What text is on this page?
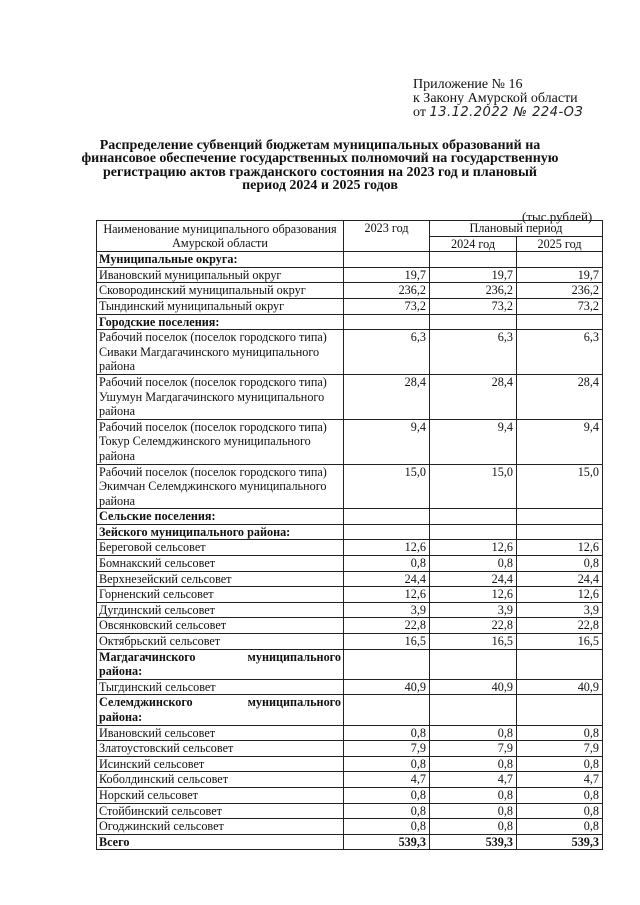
Приложение № 16
к Закону Амурской области
от 13.12.2022 № 224-ОЗ
Распределение субвенций бюджетам муниципальных образований на финансовое обеспечение государственных полномочий на государственную регистрацию актов гражданского состояния на 2023 год и плановый период 2024 и 2025 годов
(тыс.рублей)
Наименование муниципального образования Амурской области	2023 год	Плановый период	
		2024 год	2025 год
Муниципальные округа:			
Ивановский муниципальный округ	19,7	19,7	19,7
Сковородинский муниципальный округ	236,2	236,2	236,2
Тындинский муниципальный округ	73,2	73,2	73,2
Городские поселения:			
Рабочий поселок (поселок городского типа) Сиваки Магдагачинского муниципального района	6,3	6,3	6,3
Рабочий поселок (поселок городского типа) Ушумун Магдагачинского муниципального района	28,4	28,4	28,4
Рабочий поселок (поселок городского типа) Токур Селемджинского муниципального района	9,4	9,4	9,4
Рабочий поселок (поселок городского типа) Экимчан Селемджинского муниципального района	15,0	15,0	15,0
Сельские поселения:			
Зейского муниципального района:			
Береговой сельсовет	12,6	12,6	12,6
Бомнакский сельсовет	0,8	0,8	0,8
Верхнезейский сельсовет	24,4	24,4	24,4
Горненский сельсовет	12,6	12,6	12,6
Дугдинский сельсовет	3,9	3,9	3,9
Овсянковский сельсовет	22,8	22,8	22,8
Октябрьский сельсовет	16,5	16,5	16,5

Магдагачинского муниципального
района:			

Тыгдинский сельсовет	40,9	40,9	40,9

Селемджинского муниципального
района:			

Ивановский сельсовет	0,8	0,8	0,8
Златоустовский сельсовет	7,9	7,9	7,9
Исинский сельсовет	0,8	0,8	0,8
Коболдинский сельсовет	4,7	4,7	4,7
Норский сельсовет	0,8	0,8	0,8
Стойбинский сельсовет	0,8	0,8	0,8
Огоджинский сельсовет	0,8	0,8	0,8
Всего	539,3	539,3	539,3
